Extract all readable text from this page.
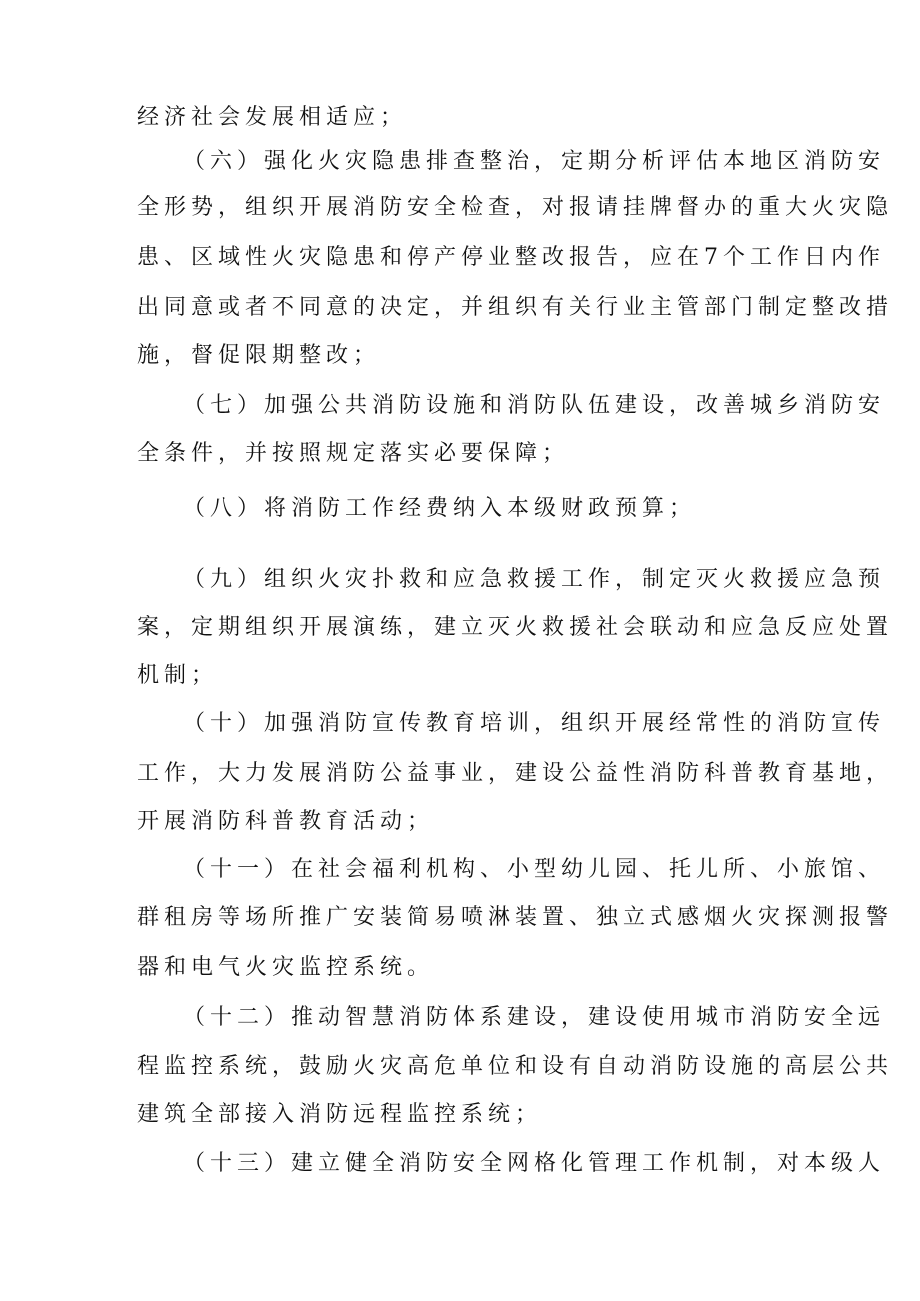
经济社会发展相适应；
（六）强化火灾隐患排查整治，定期分析评估本地区消防安
全形势，组织开展消防安全检查，对报请挂牌督办的重大火灾隐
患、区域性火灾隐患和停产停业整改报告，应在7个工作日内作
出同意或者不同意的决定，并组织有关行业主管部门制定整改措
施，督促限期整改；
（七）加强公共消防设施和消防队伍建设，改善城乡消防安
全条件，并按照规定落实必要保障；
（八）将消防工作经费纳入本级财政预算；
（九）组织火灾扑救和应急救援工作，制定灭火救援应急预
案，定期组织开展演练，建立灭火救援社会联动和应急反应处置
机制；
（十）加强消防宣传教育培训，组织开展经常性的消防宣传
工作，大力发展消防公益事业，建设公益性消防科普教育基地，
开展消防科普教育活动；
（十一）在社会福利机构、小型幼儿园、托儿所、小旅馆、
群租房等场所推广安装简易喷淋装置、独立式感烟火灾探测报警
器和电气火灾监控系统。
（十二）推动智慧消防体系建设，建设使用城市消防安全远
程监控系统，鼓励火灾高危单位和设有自动消防设施的高层公共
建筑全部接入消防远程监控系统；
（十三）建立健全消防安全网格化管理工作机制，对本级人
